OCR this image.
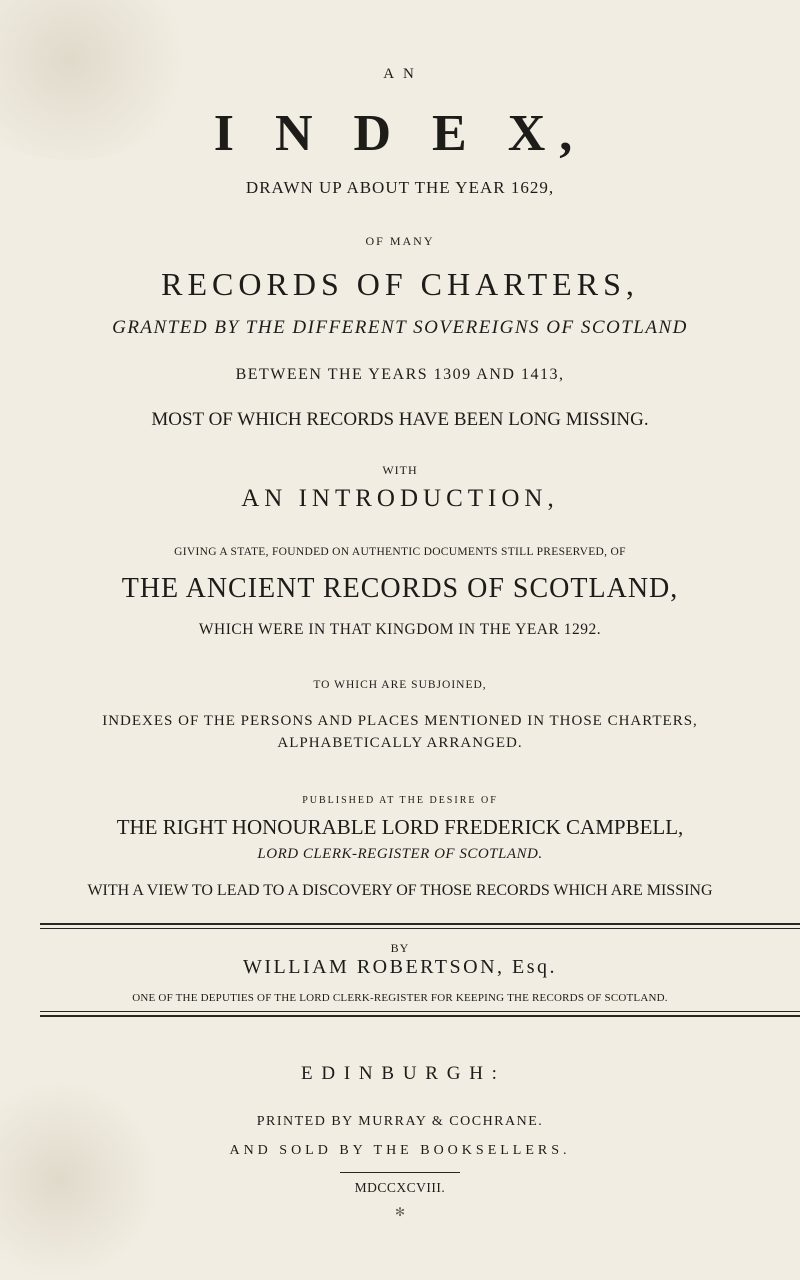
A N
I N D E X,
DRAWN UP ABOUT THE YEAR 1629,
OF MANY
RECORDS OF CHARTERS,
GRANTED BY THE DIFFERENT SOVEREIGNS OF SCOTLAND
BETWEEN THE YEARS 1309 AND 1413,
MOST OF WHICH RECORDS HAVE BEEN LONG MISSING.
WITH
AN INTRODUCTION,
GIVING A STATE, FOUNDED ON AUTHENTIC DOCUMENTS STILL PRESERVED, OF
THE ANCIENT RECORDS OF SCOTLAND,
WHICH WERE IN THAT KINGDOM IN THE YEAR 1292.
TO WHICH ARE SUBJOINED,
INDEXES OF THE PERSONS AND PLACES MENTIONED IN THOSE CHARTERS,
ALPHABETICALLY ARRANGED.
PUBLISHED AT THE DESIRE OF
THE RIGHT HONOURABLE LORD FREDERICK CAMPBELL,
LORD CLERK-REGISTER OF SCOTLAND.
WITH A VIEW TO LEAD TO A DISCOVERY OF THOSE RECORDS WHICH ARE MISSING
BY
WILLIAM ROBERTSON, Esq.
ONE OF THE DEPUTIES OF THE LORD CLERK-REGISTER FOR KEEPING THE RECORDS OF SCOTLAND.
E D I N B U R G H :
PRINTED BY MURRAY & COCHRANE.
AND SOLD BY THE BOOKSELLERS.
MDCCXCVIII.
✻
